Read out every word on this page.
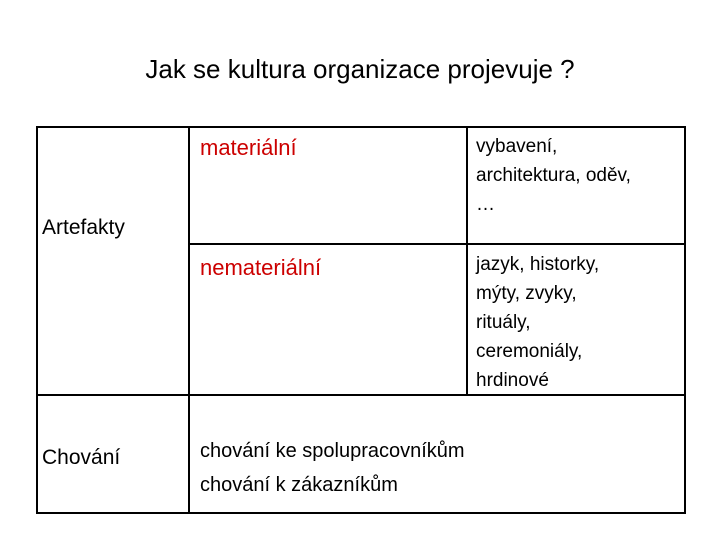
Jak se kultura organizace projevuje ?
Artefakty
Chování
materiální
nemateriální
vybavení,
architektura, oděv,
…
jazyk, historky,
mýty, zvyky,
rituály,
ceremoniály,
hrdinové
chování ke spolupracovníkům
chování k zákazníkům
